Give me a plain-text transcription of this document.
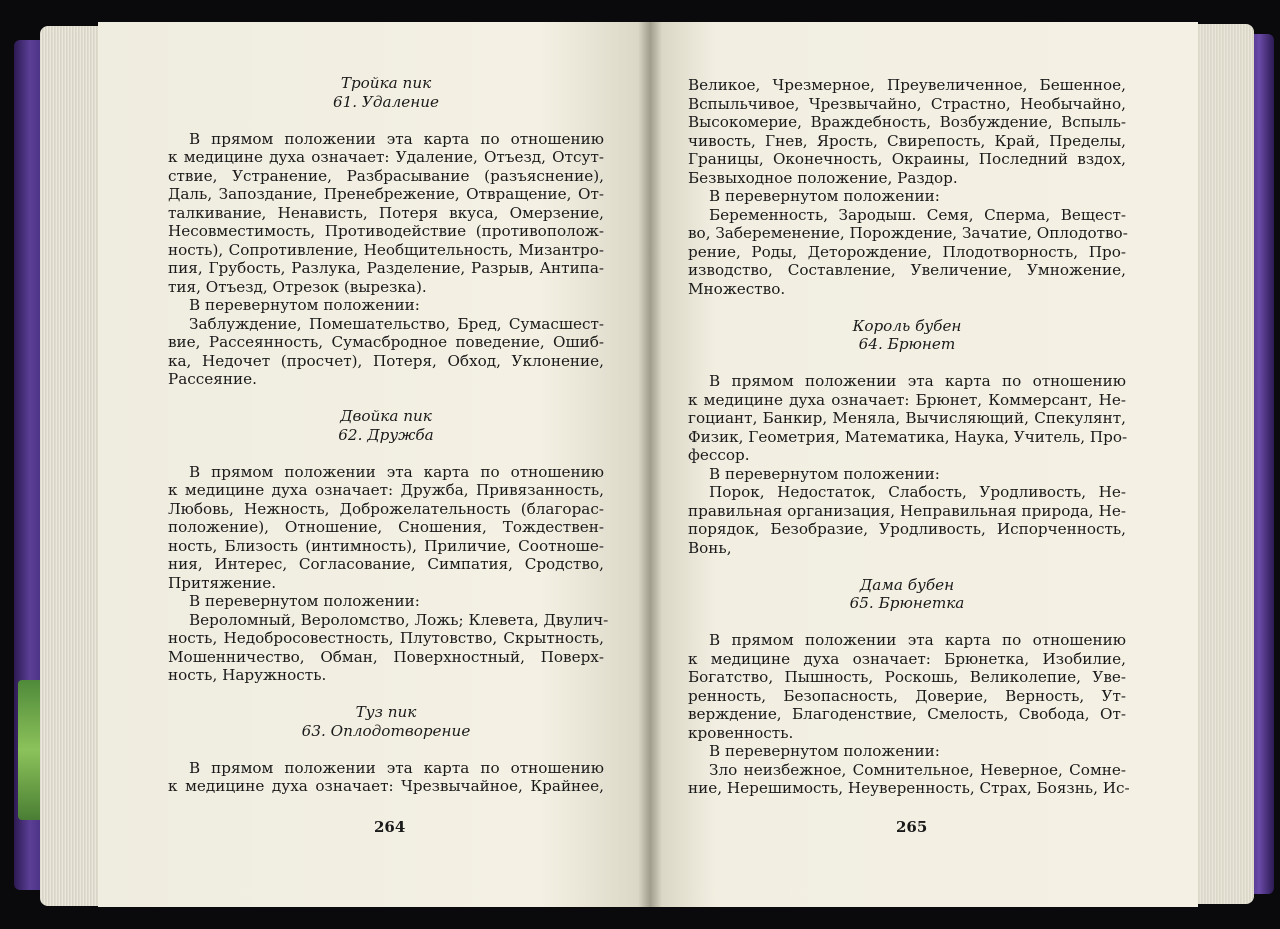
Тройка пик
61. Удаление
В прямом положении эта карта по отношению
к медицине духа означает: Удаление, Отъезд, Отсут-
ствие, Устранение, Разбрасывание (разъяснение),
Даль, Запоздание, Пренебрежение, Отвращение, От-
талкивание, Ненависть, Потеря вкуса, Омерзение,
Несовместимость, Противодействие (противополож-
ность), Сопротивление, Необщительность, Мизантро-
пия, Грубость, Разлука, Разделение, Разрыв, Антипа-
тия, Отъезд, Отрезок (вырезка).
В перевернутом положении:
Заблуждение, Помешательство, Бред, Сумасшест-
вие, Рассеянность, Сумасбродное поведение, Ошиб-
ка, Недочет (просчет), Потеря, Обход, Уклонение,
Рассеяние.
Двойка пик
62. Дружба
В прямом положении эта карта по отношению
к медицине духа означает: Дружба, Привязанность,
Любовь, Нежность, Доброжелательность (благорас-
положение), Отношение, Сношения, Тождествен-
ность, Близость (интимность), Приличие, Соотноше-
ния, Интерес, Согласование, Симпатия, Сродство,
Притяжение.
В перевернутом положении:
Вероломный, Вероломство, Ложь; Клевета, Двулич-
ность, Недобросовестность, Плутовство, Скрытность,
Мошенничество, Обман, Поверхностный, Поверх-
ность, Наружность.
Туз пик
63. Оплодотворение
В прямом положении эта карта по отношению
к медицине духа означает: Чрезвычайное, Крайнее,
264
Великое, Чрезмерное, Преувеличенное, Бешенное,
Вспыльчивое, Чрезвычайно, Страстно, Необычайно,
Высокомерие, Враждебность, Возбуждение, Вспыль-
чивость, Гнев, Ярость, Свирепость, Край, Пределы,
Границы, Оконечность, Окраины, Последний вздох,
Безвыходное положение, Раздор.
В перевернутом положении:
Беременность, Зародыш. Семя, Сперма, Вещест-
во, Забеременение, Порождение, Зачатие, Оплодотво-
рение, Роды, Деторождение, Плодотворность, Про-
изводство, Составление, Увеличение, Умножение,
Множество.
Король бубен
64. Брюнет
В прямом положении эта карта по отношению
к медицине духа означает: Брюнет, Коммерсант, Не-
гоциант, Банкир, Меняла, Вычисляющий, Спекулянт,
Физик, Геометрия, Математика, Наука, Учитель, Про-
фессор.
В перевернутом положении:
Порок, Недостаток, Слабость, Уродливость, Не-
правильная организация, Неправильная природа, Не-
порядок, Безобразие, Уродливость, Испорченность,
Вонь,
Дама бубен
65. Брюнетка
В прямом положении эта карта по отношению
к медицине духа означает: Брюнетка, Изобилие,
Богатство, Пышность, Роскошь, Великолепие, Уве-
ренность, Безопасность, Доверие, Верность, Ут-
верждение, Благоденствие, Смелость, Свобода, От-
кровенность.
В перевернутом положении:
Зло неизбежное, Сомнительное, Неверное, Сомне-
ние, Нерешимость, Неуверенность, Страх, Боязнь, Ис-
265
